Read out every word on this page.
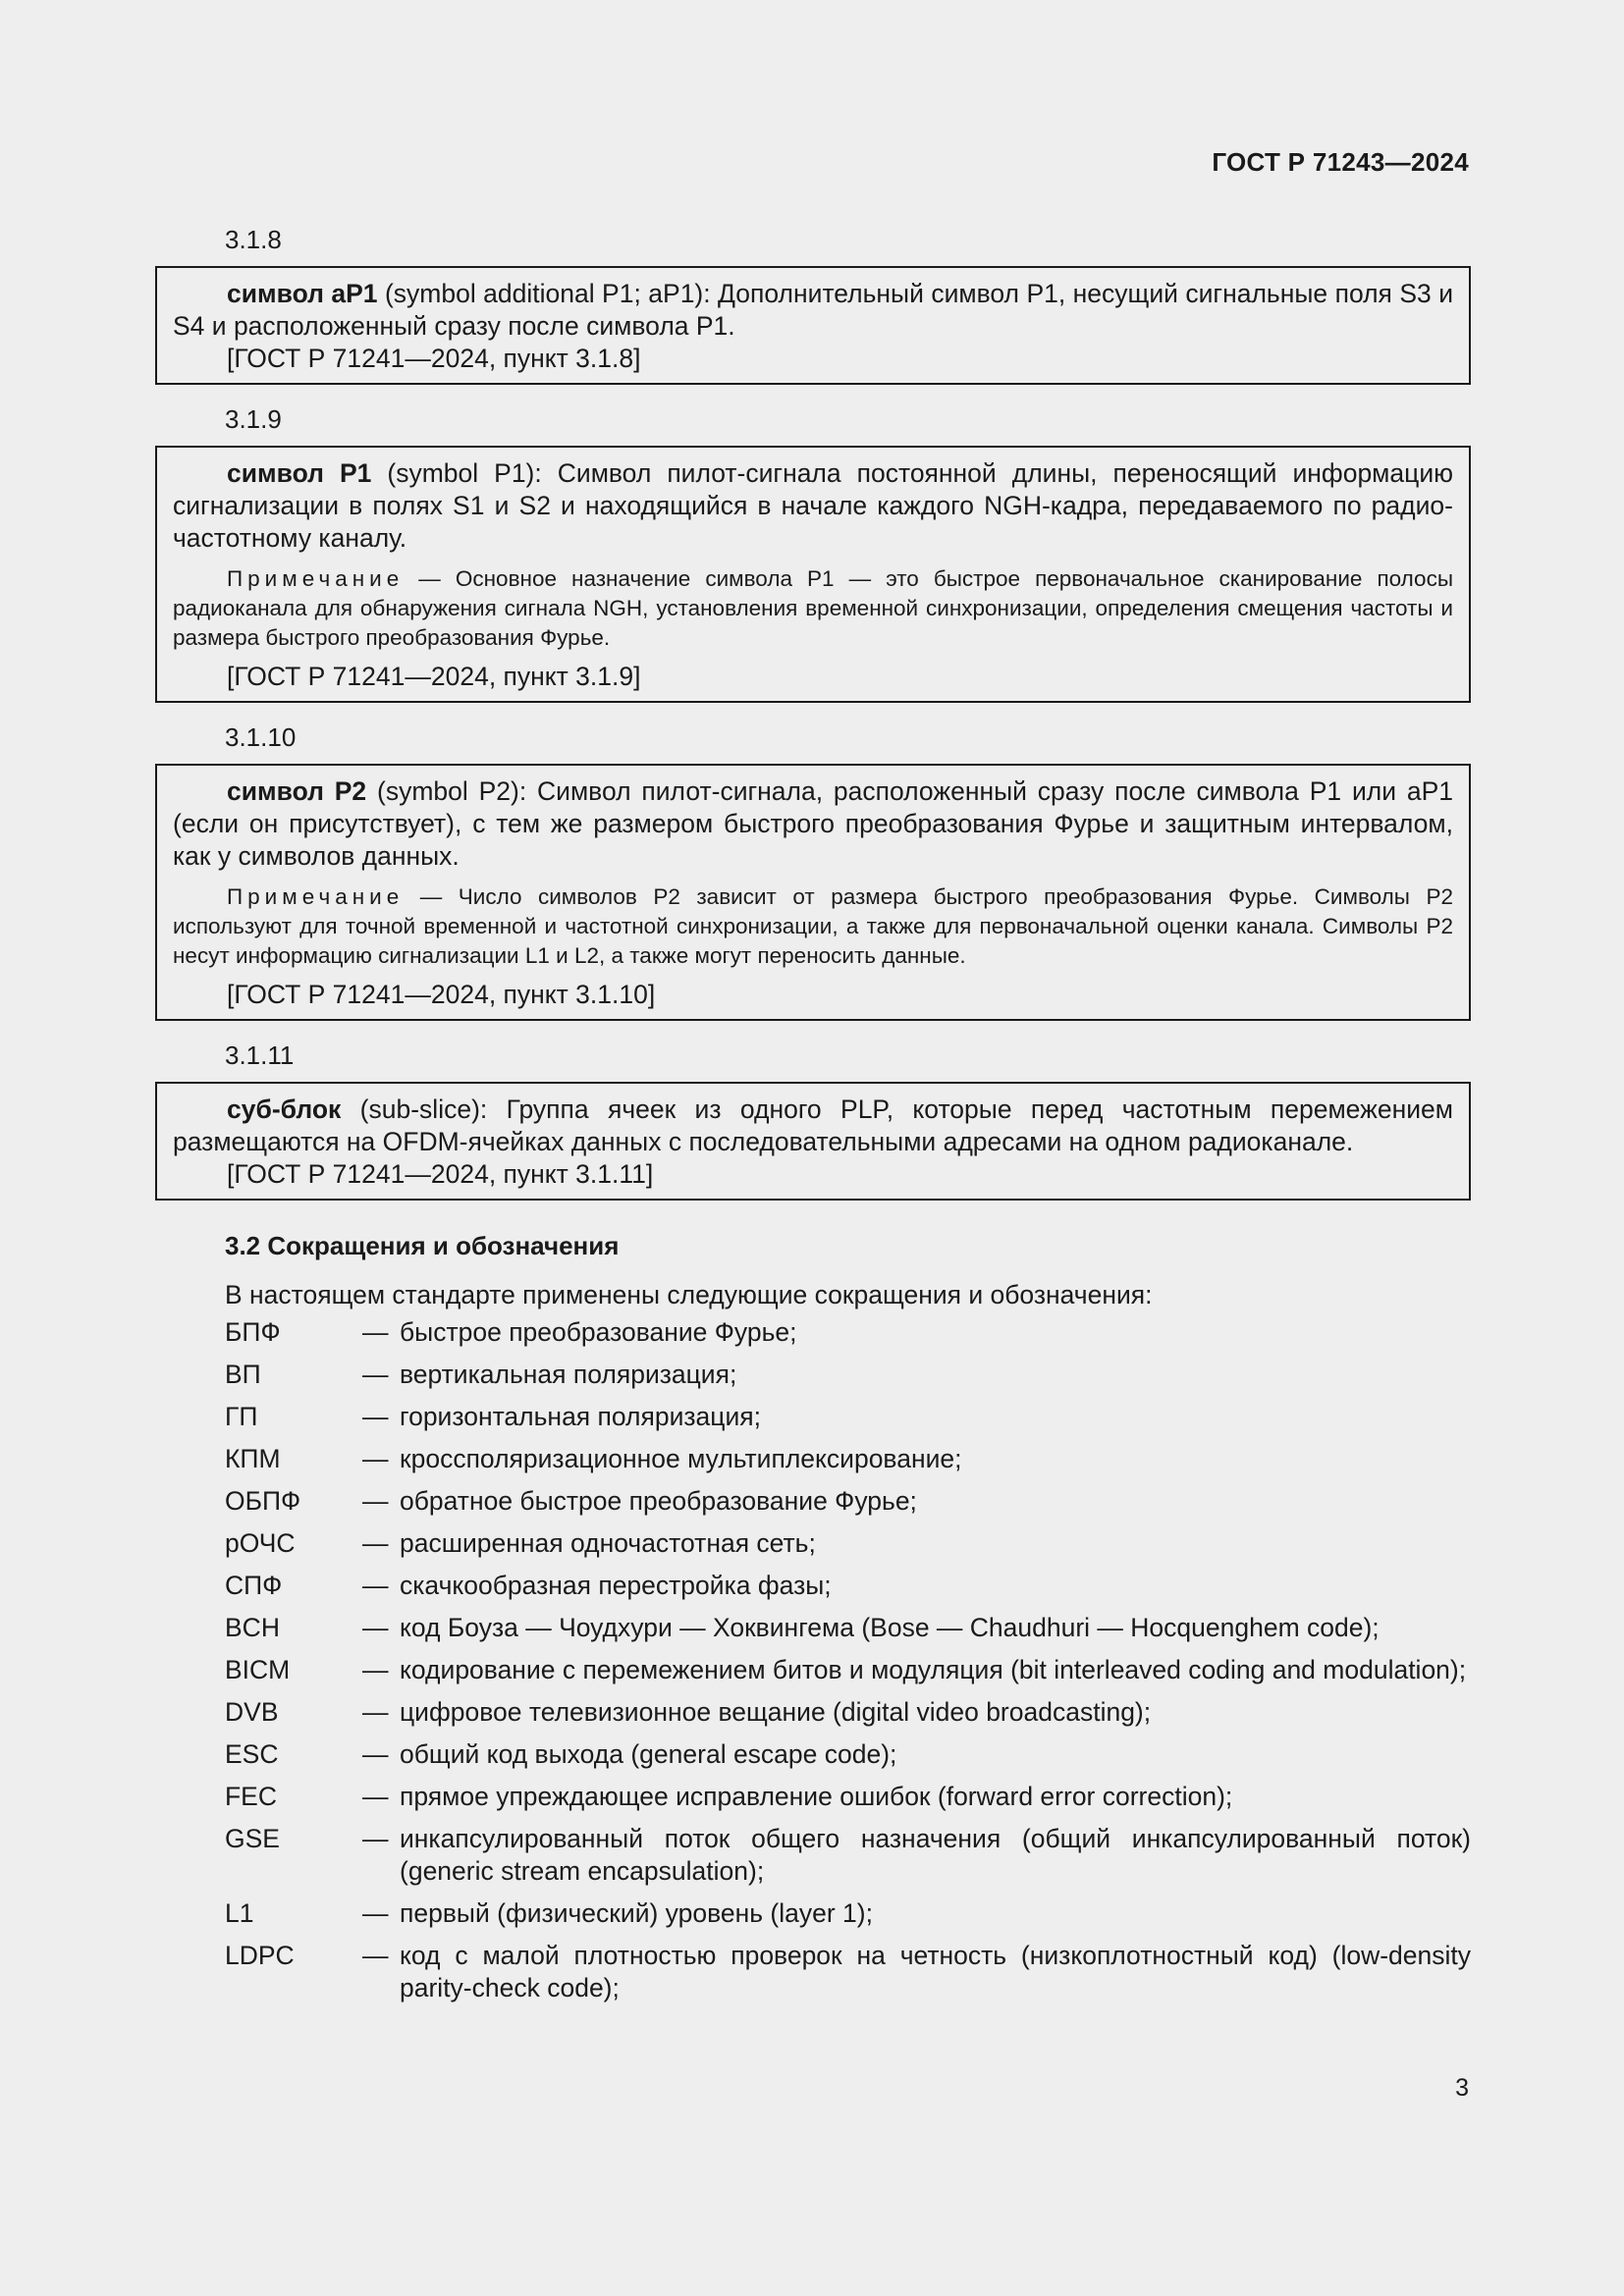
ГОСТ Р 71243—2024
3.1.8

символ aP1 (symbol additional P1; aP1): Дополнительный символ P1, несущий сигнальные поля S3 и S4 и расположенный сразу после символа P1.

[ГОСТ Р 71241—2024, пункт 3.1.8]

3.1.9

символ P1 (symbol P1): Символ пилот-сигнала постоянной длины, переносящий информацию сигнализации в полях S1 и S2 и находящийся в начале каждого NGH-кадра, передаваемого по радио-частотному каналу.

Примечание — Основное назначение символа P1 — это быстрое первоначальное сканирование полосы радиоканала для обнаружения сигнала NGH, установления временной синхронизации, определения смещения частоты и размера быстрого преобразования Фурье.

[ГОСТ Р 71241—2024, пункт 3.1.9]

3.1.10

символ P2 (symbol P2): Символ пилот-сигнала, расположенный сразу после символа P1 или aP1 (если он присутствует), с тем же размером быстрого преобразования Фурье и защитным интервалом, как у символов данных.

Примечание — Число символов P2 зависит от размера быстрого преобразования Фурье. Символы P2 используют для точной временной и частотной синхронизации, а также для первоначальной оценки канала. Символы P2 несут информацию сигнализации L1 и L2, а также могут переносить данные.

[ГОСТ Р 71241—2024, пункт 3.1.10]

3.1.11

суб-блок (sub-slice): Группа ячеек из одного PLP, которые перед частотным перемежением размещаются на OFDM-ячейках данных с последовательными адресами на одном радиоканале.

[ГОСТ Р 71241—2024, пункт 3.1.11]

3.2 Сокращения и обозначения
В настоящем стандарте применены следующие сокращения и обозначения:
БПФ	— быстрое преобразование Фурье;
ВП	— вертикальная поляризация;
ГП	— горизонтальная поляризация;
КПМ	— кроссполяризационное мультиплексирование;
ОБПФ	— обратное быстрое преобразование Фурье;
рОЧС	— расширенная одночастотная сеть;
СПФ	— скачкообразная перестройка фазы;
BCH	— код Боуза — Чоудхури — Хоквингема (Bose — Chaudhuri — Hocquenghem code);
BICM	— кодирование с перемежением битов и модуляция (bit interleaved coding and modulation);
DVB	— цифровое телевизионное вещание (digital video broadcasting);
ESC	— общий код выхода (general escape code);
FEC	— прямое упреждающее исправление ошибок (forward error correction);
GSE	— инкапсулированный поток общего назначения (общий инкапсулированный поток) (generic stream encapsulation);
L1	— первый (физический) уровень (layer 1);
LDPC	— код с малой плотностью проверок на четность (низкоплотностный код) (low-density parity-check code);
3
